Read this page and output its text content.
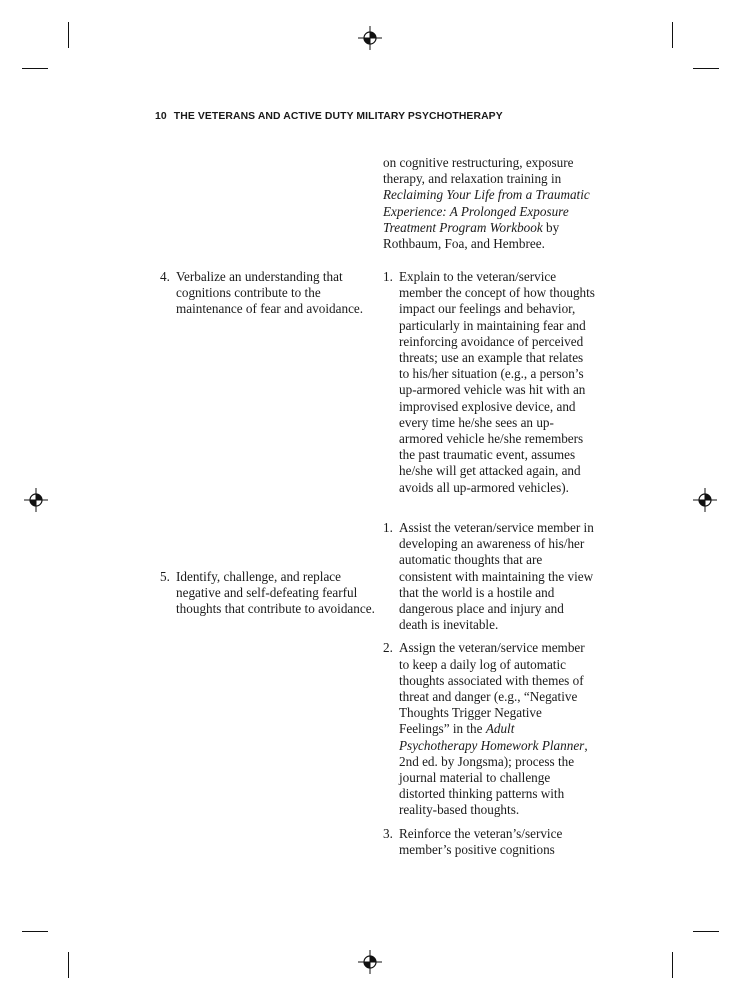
10 THE VETERANS AND ACTIVE DUTY MILITARY PSYCHOTHERAPY
on cognitive restructuring, exposure therapy, and relaxation training in Reclaiming Your Life from a Traumatic Experience: A Prolonged Exposure Treatment Program Workbook by Rothbaum, Foa, and Hembree.
4. Verbalize an understanding that cognitions contribute to the maintenance of fear and avoidance.
1. Explain to the veteran/service member the concept of how thoughts impact our feelings and behavior, particularly in maintaining fear and reinforcing avoidance of perceived threats; use an example that relates to his/her situation (e.g., a person’s up-armored vehicle was hit with an improvised explosive device, and every time he/she sees an up-armored vehicle he/she remembers the past traumatic event, assumes he/she will get attacked again, and avoids all up-armored vehicles).
5. Identify, challenge, and replace negative and self-defeating fearful thoughts that contribute to avoidance.
1. Assist the veteran/service member in developing an awareness of his/her automatic thoughts that are consistent with maintaining the view that the world is a hostile and dangerous place and injury and death is inevitable.
2. Assign the veteran/service member to keep a daily log of automatic thoughts associated with themes of threat and danger (e.g., “Negative Thoughts Trigger Negative Feelings” in the Adult Psychotherapy Homework Planner, 2nd ed. by Jongsma); process the journal material to challenge distorted thinking patterns with reality-based thoughts.
3. Reinforce the veteran’s/service member’s positive cognitions
